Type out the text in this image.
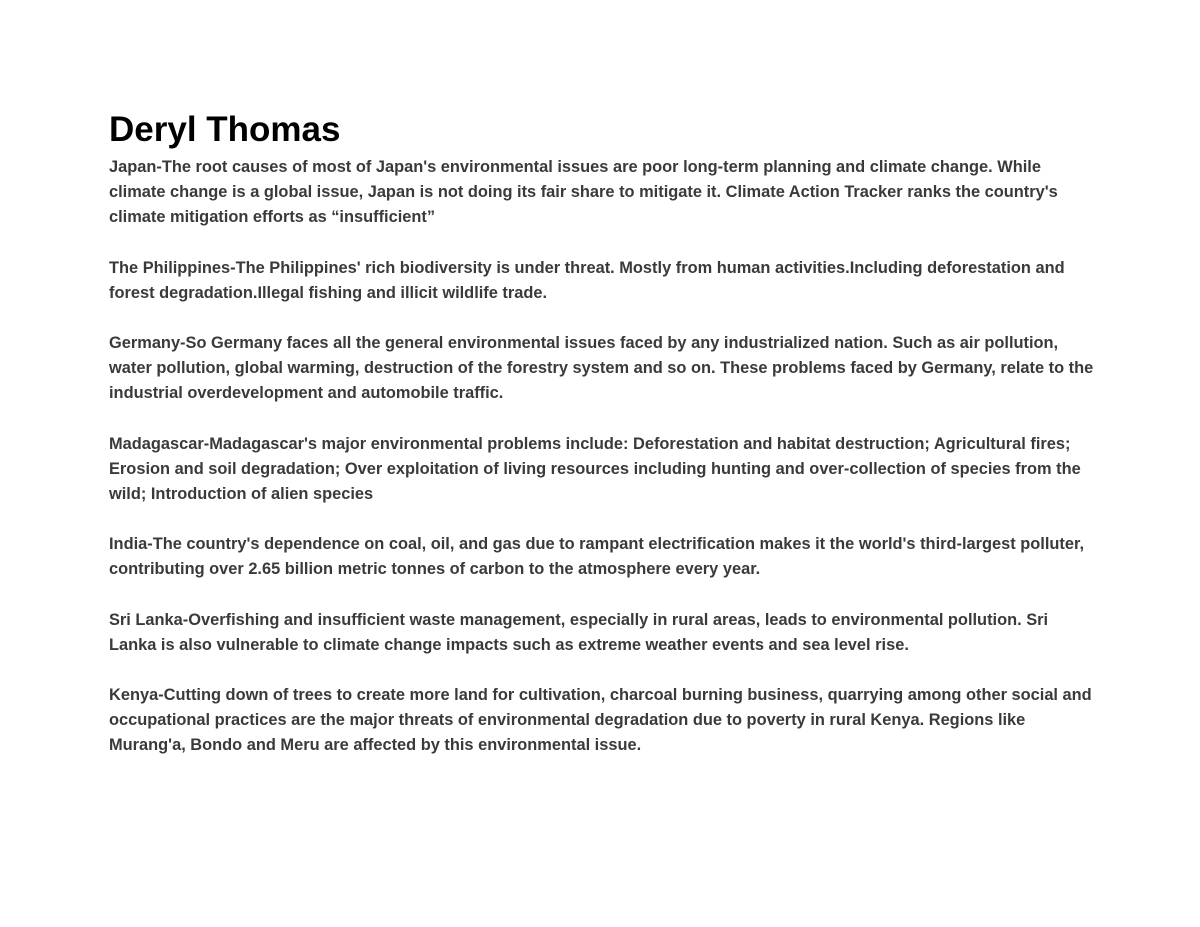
Deryl Thomas

Japan-The root causes of most of Japan's environmental issues are poor long-term planning and climate change. While climate change is a global issue, Japan is not doing its fair share to mitigate it. Climate Action Tracker ranks the country's climate mitigation efforts as “insufficient”

The Philippines-The Philippines' rich biodiversity is under threat. Mostly from human activities.Including deforestation and forest degradation.Illegal fishing and illicit wildlife trade.

Germany-So Germany faces all the general environmental issues faced by any industrialized nation. Such as air pollution, water pollution, global warming, destruction of the forestry system and so on. These problems faced by Germany, relate to the industrial overdevelopment and automobile traffic.

Madagascar-Madagascar's major environmental problems include: Deforestation and habitat destruction; Agricultural fires; Erosion and soil degradation; Over exploitation of living resources including hunting and over-collection of species from the wild; Introduction of alien species

India-The country's dependence on coal, oil, and gas due to rampant electrification makes it the world's third-largest polluter, contributing over 2.65 billion metric tonnes of carbon to the atmosphere every year.

Sri Lanka-Overfishing and insufficient waste management, especially in rural areas, leads to environmental pollution. Sri Lanka is also vulnerable to climate change impacts such as extreme weather events and sea level rise.

Kenya-Cutting down of trees to create more land for cultivation, charcoal burning business, quarrying among other social and occupational practices are the major threats of environmental degradation due to poverty in rural Kenya. Regions like Murang'a, Bondo and Meru are affected by this environmental issue.
